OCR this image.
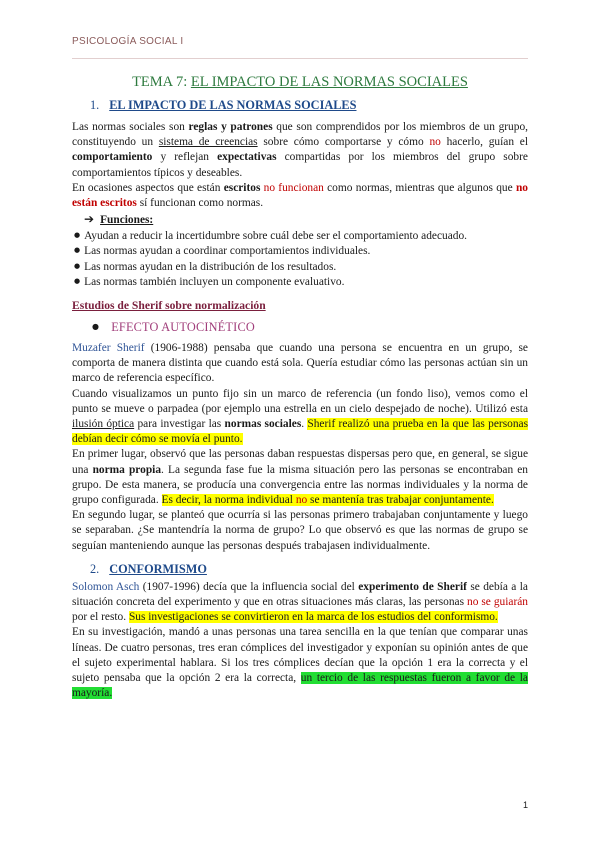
PSICOLOGÍA SOCIAL I
TEMA 7: EL IMPACTO DE LAS NORMAS SOCIALES
1. EL IMPACTO DE LAS NORMAS SOCIALES

Las normas sociales son reglas y patrones que son comprendidos por los miembros de un grupo, constituyendo un sistema de creencias sobre cómo comportarse y cómo no hacerlo, guían el comportamiento y reflejan expectativas compartidas por los miembros del grupo sobre comportamientos típicos y deseables.

En ocasiones aspectos que están escritos no funcionan como normas, mientras que algunos que no están escritos sí funcionan como normas.

➔ Funciones:
● Ayudan a reducir la incertidumbre sobre cuál debe ser el comportamiento adecuado.
● Las normas ayudan a coordinar comportamientos individuales.
● Las normas ayudan en la distribución de los resultados.
● Las normas también incluyen un componente evaluativo.
Estudios de Sherif sobre normalización
● EFECTO AUTOCINÉTICO

Muzafer Sherif (1906-1988) pensaba que cuando una persona se encuentra en un grupo, se comporta de manera distinta que cuando está sola. Quería estudiar cómo las personas actúan sin un marco de referencia específico.

Cuando visualizamos un punto fijo sin un marco de referencia (un fondo liso), vemos como el punto se mueve o parpadea (por ejemplo una estrella en un cielo despejado de noche). Utilizó esta ilusión óptica para investigar las normas sociales. Sherif realizó una prueba en la que las personas debían decir cómo se movía el punto.

En primer lugar, observó que las personas daban respuestas dispersas pero que, en general, se sigue una norma propia. La segunda fase fue la misma situación pero las personas se encontraban en grupo. De esta manera, se producía una convergencia entre las normas individuales y la norma de grupo configurada. Es decir, la norma individual no se mantenía tras trabajar conjuntamente.

En segundo lugar, se planteó que ocurría si las personas primero trabajaban conjuntamente y luego se separaban. ¿Se mantendría la norma de grupo? Lo que observó es que las normas de grupo se seguían manteniendo aunque las personas después trabajasen individualmente.

2. CONFORMISMO

Solomon Asch (1907-1996) decía que la influencia social del experimento de Sherif se debía a la situación concreta del experimento y que en otras situaciones más claras, las personas no se guiarán por el resto. Sus investigaciones se convirtieron en la marca de los estudios del conformismo.

En su investigación, mandó a unas personas una tarea sencilla en la que tenían que comparar unas líneas. De cuatro personas, tres eran cómplices del investigador y exponían su opinión antes de que el sujeto experimental hablara. Si los tres cómplices decían que la opción 1 era la correcta y el sujeto pensaba que la opción 2 era la correcta, un tercio de las respuestas fueron a favor de la mayoría.

1
